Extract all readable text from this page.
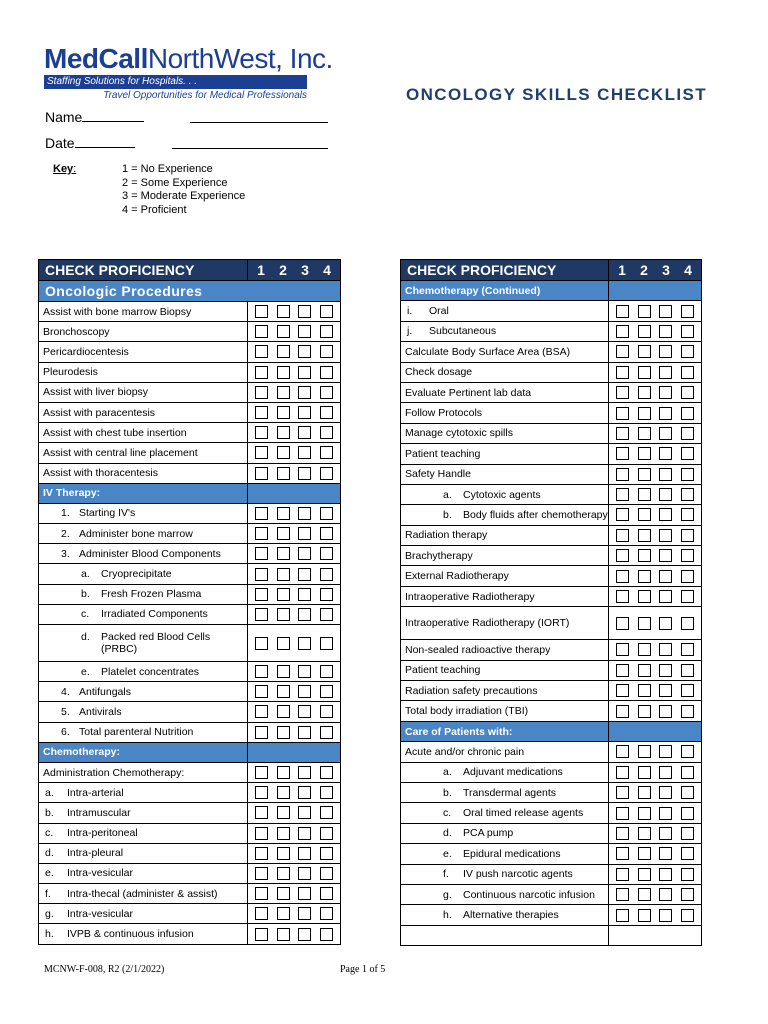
MedCallNorthWest, Inc.
Staffing Solutions for Hospitals. . .
Travel Opportunities for Medical Professionals	ONCOLOGY SKILLS CHECKLIST
Name
Date
Key:	1 = No Experience
2 = Some Experience
3 = Moderate Experience
4 = Proficient
CHECK PROFICIENCY	1 2 3 4

Oncologic Procedures	
Assist with bone marrow Biopsy	

Bronchoscopy	

Pericardiocentesis	

Pleurodesis	

Assist with liver biopsy	

Assist with paracentesis	

Assist with chest tube insertion	

Assist with central line placement	

Assist with thoracentesis	

IV Therapy:	

1. Starting IV's	

2. Administer bone marrow	

3. Administer Blood Components	

a. Cryoprecipitate	

b. Fresh Frozen Plasma	

c. Irradiated Components	

d. Packed red Blood Cells (PRBC)	

e. Platelet concentrates	

4. Antifungals	

5. Antivirals	

6. Total parenteral Nutrition	

Chemotherapy:	
Administration Chemotherapy:	

a. Intra-arterial	

b. Intramuscular	

c. Intra-peritoneal	

d. Intra-pleural	

e. Intra-vesicular	

f. Intra-thecal (administer & assist)	

g. Intra-vesicular	

h. IVPB & continuous infusion	

CHECK PROFICIENCY	1 2 3 4

Chemotherapy (Continued)	

i. Oral	

j. Subcutaneous	

Calculate Body Surface Area (BSA)	

Check dosage	

Evaluate Pertinent lab data	

Follow Protocols	

Manage cytotoxic spills	

Patient teaching	

Safety Handle	

a. Cytotoxic agents	

b. Body fluids after chemotherapy	

Radiation therapy	

Brachytherapy	

External Radiotherapy	

Intraoperative Radiotherapy	

Intraoperative Radiotherapy (IORT)	

Non-sealed radioactive therapy	

Patient teaching	

Radiation safety precautions	

Total body irradiation (TBI)	

Care of Patients with:	
Acute and/or chronic pain	

a. Adjuvant medications	

b. Transdermal agents	

c. Oral timed release agents	

d. PCA pump	

e. Epidural medications	

f. IV push narcotic agents	

g. Continuous narcotic infusion	

h. Alternative therapies	

MCNW-F-008, R2 (2/1/2022)	Page 1 of 5
